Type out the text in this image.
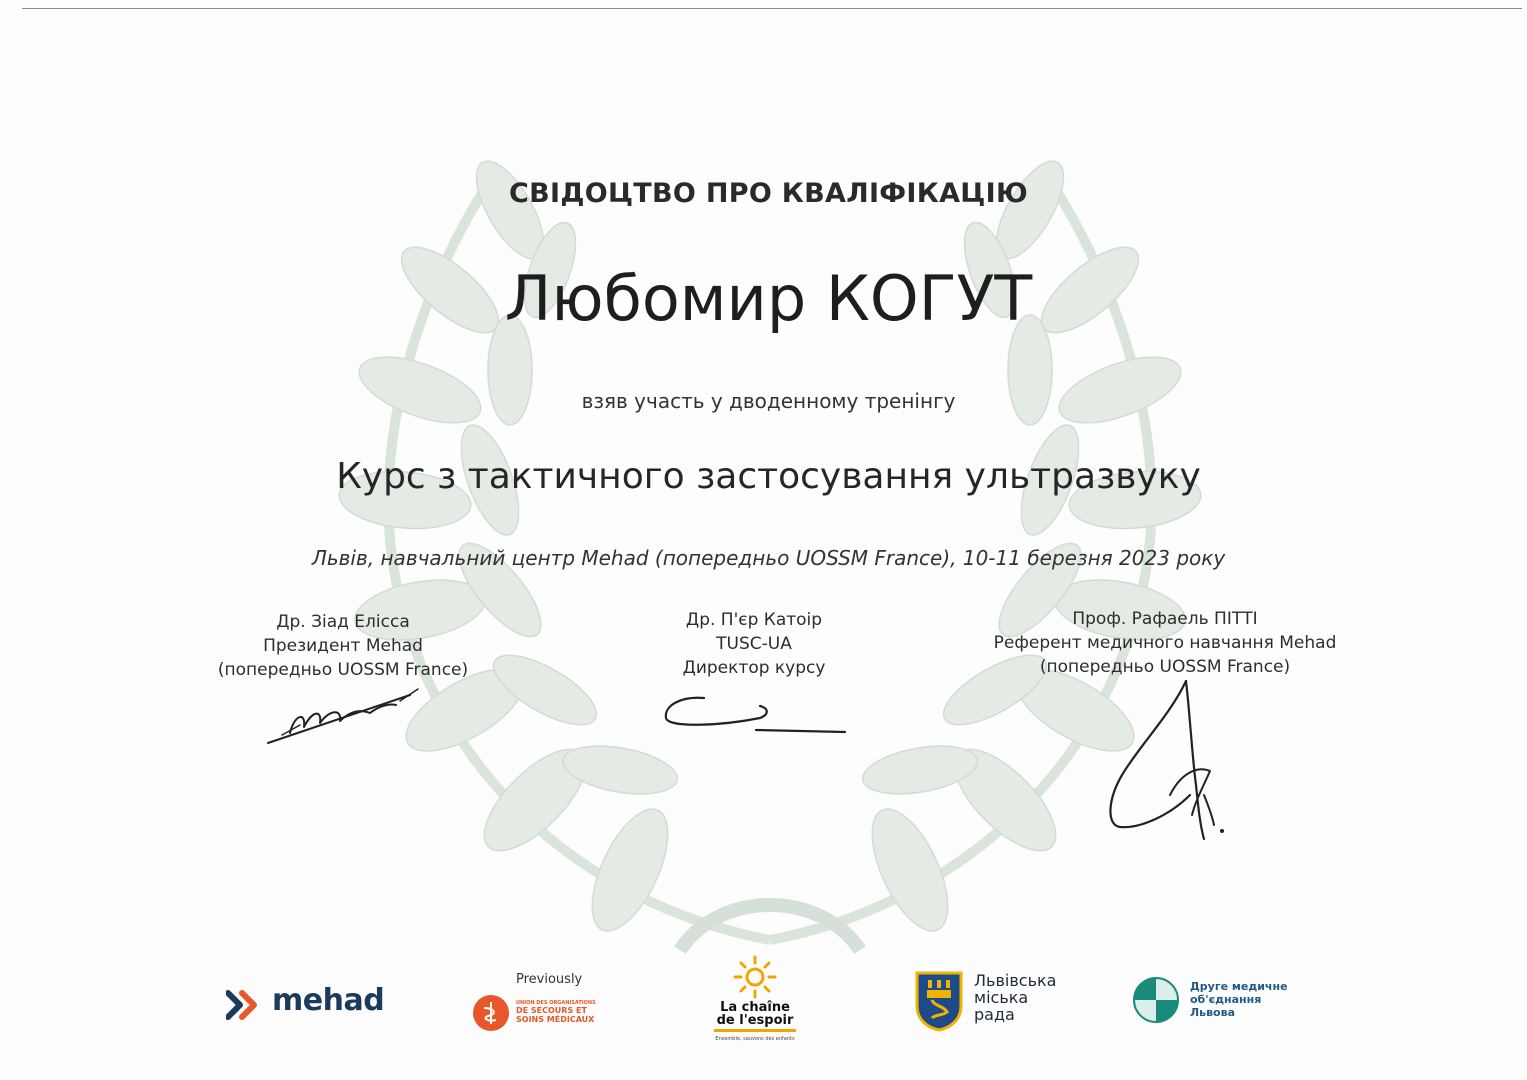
СВІДОЦТВО ПРО КВАЛІФІКАЦІЮ
Любомир КОГУТ
взяв участь у дводенному тренінгу
Курс з тактичного застосування ультразвуку
Львів, навчальний центр Mehad (попередньо UOSSM France), 10-11 березня 2023 року
Др. Зіад Елісса
Президент Mehad
(попередньо UOSSM France)
Др. П'єр Катоір
TUSC-UA
Директор курсу
Проф. Рафаель ПІТТІ
Референт медичного навчання Mehad
(попередньо UOSSM France)
mehad
Previously
UNION DES ORGANISATIONS
DE SECOURS ET
SOINS MÉDICAUX
La chaîne
de l'espoir
Ensemble, sauvons des enfants
Львівська
міська
рада
Друге медичне
об'єднання
Львова
